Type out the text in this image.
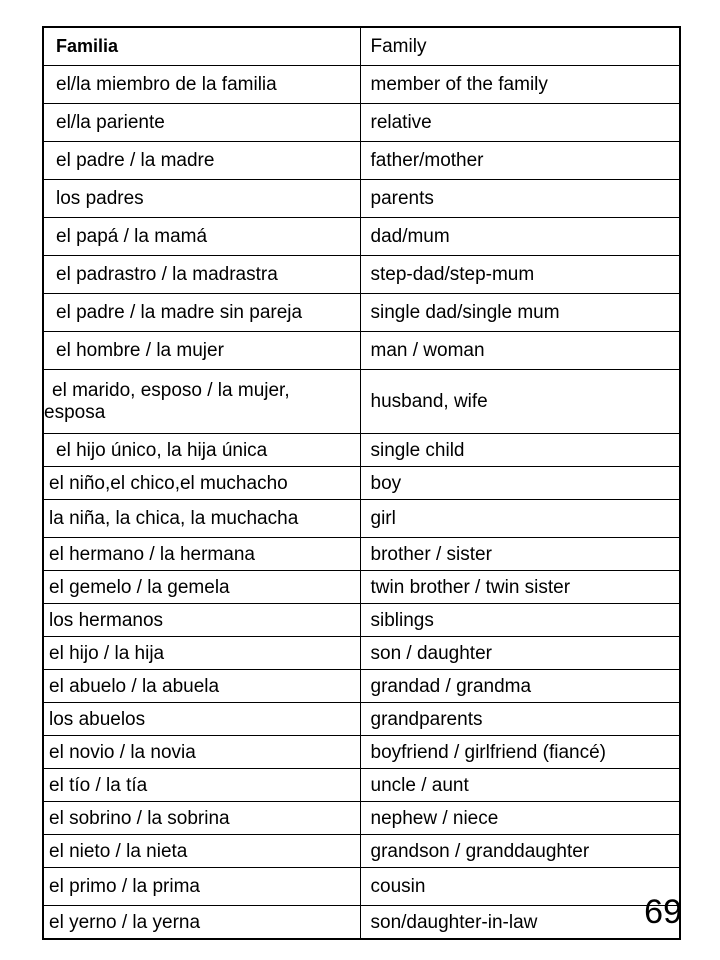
Familia	Family
el/la miembro de la familia	member of the family
el/la pariente	relative
el padre / la madre	father/mother
los padres	parents
el papá / la mamá	dad/mum
el padrastro / la madrastra	step-dad/step-mum
el padre / la madre sin pareja	single dad/single mum
el hombre / la mujer	man / woman

el marido, esposo / la mujer,
esposa	husband, wife
el hijo único, la hija única	single child
el niño,el chico,el muchacho	boy
la niña, la chica, la muchacha	girl
el hermano / la hermana	brother / sister
el gemelo / la gemela	twin brother / twin sister
los hermanos	siblings
el hijo / la hija	son / daughter
el abuelo / la abuela	grandad / grandma
los abuelos	grandparents
el novio / la novia	boyfriend / girlfriend (fiancé)
el tío / la tía	uncle / aunt
el sobrino / la sobrina	nephew / niece
el nieto / la nieta	grandson / granddaughter
el primo / la prima	cousin
el yerno / la yerna	son/daughter-in-law	69
